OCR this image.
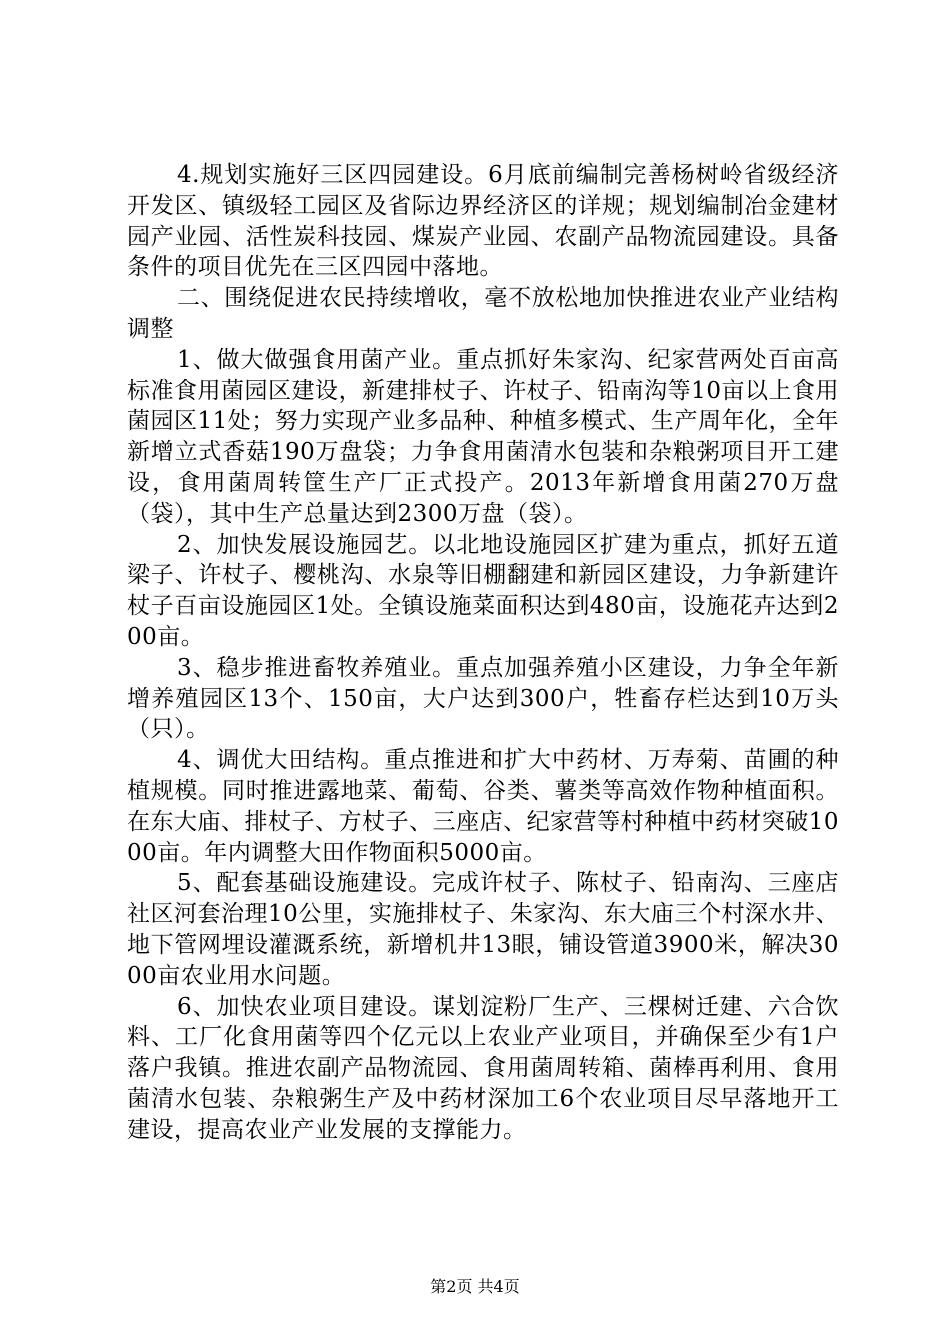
4.规划实施好三区四园建设。6月底前编制完善杨树岭省级经济开发区、镇级轻工园区及省际边界经济区的详规；规划编制冶金建材园产业园、活性炭科技园、煤炭产业园、农副产品物流园建设。具备条件的项目优先在三区四园中落地。

二、围绕促进农民持续增收，毫不放松地加快推进农业产业结构调整

1、做大做强食用菌产业。重点抓好朱家沟、纪家营两处百亩高标准食用菌园区建设，新建排杖子、许杖子、铅南沟等10亩以上食用菌园区11处；努力实现产业多品种、种植多模式、生产周年化，全年新增立式香菇190万盘袋；力争食用菌清水包装和杂粮粥项目开工建设，食用菌周转筐生产厂正式投产。2013年新增食用菌270万盘（袋），其中生产总量达到2300万盘（袋）。

2、加快发展设施园艺。以北地设施园区扩建为重点，抓好五道梁子、许杖子、樱桃沟、水泉等旧棚翻建和新园区建设，力争新建许杖子百亩设施园区1处。全镇设施菜面积达到480亩，设施花卉达到200亩。

3、稳步推进畜牧养殖业。重点加强养殖小区建设，力争全年新增养殖园区13个、150亩，大户达到300户，牲畜存栏达到10万头（只）。

4、调优大田结构。重点推进和扩大中药材、万寿菊、苗圃的种植规模。同时推进露地菜、葡萄、谷类、薯类等高效作物种植面积。在东大庙、排杖子、方杖子、三座店、纪家营等村种植中药材突破1000亩。年内调整大田作物面积5000亩。

5、配套基础设施建设。完成许杖子、陈杖子、铅南沟、三座店社区河套治理10公里，实施排杖子、朱家沟、东大庙三个村深水井、地下管网埋设灌溉系统，新增机井13眼，铺设管道3900米，解决3000亩农业用水问题。

6、加快农业项目建设。谋划淀粉厂生产、三棵树迁建、六合饮料、工厂化食用菌等四个亿元以上农业产业项目，并确保至少有1户落户我镇。推进农副产品物流园、食用菌周转箱、菌棒再利用、食用菌清水包装、杂粮粥生产及中药材深加工6个农业项目尽早落地开工建设，提高农业产业发展的支撑能力。

第2页 共4页
